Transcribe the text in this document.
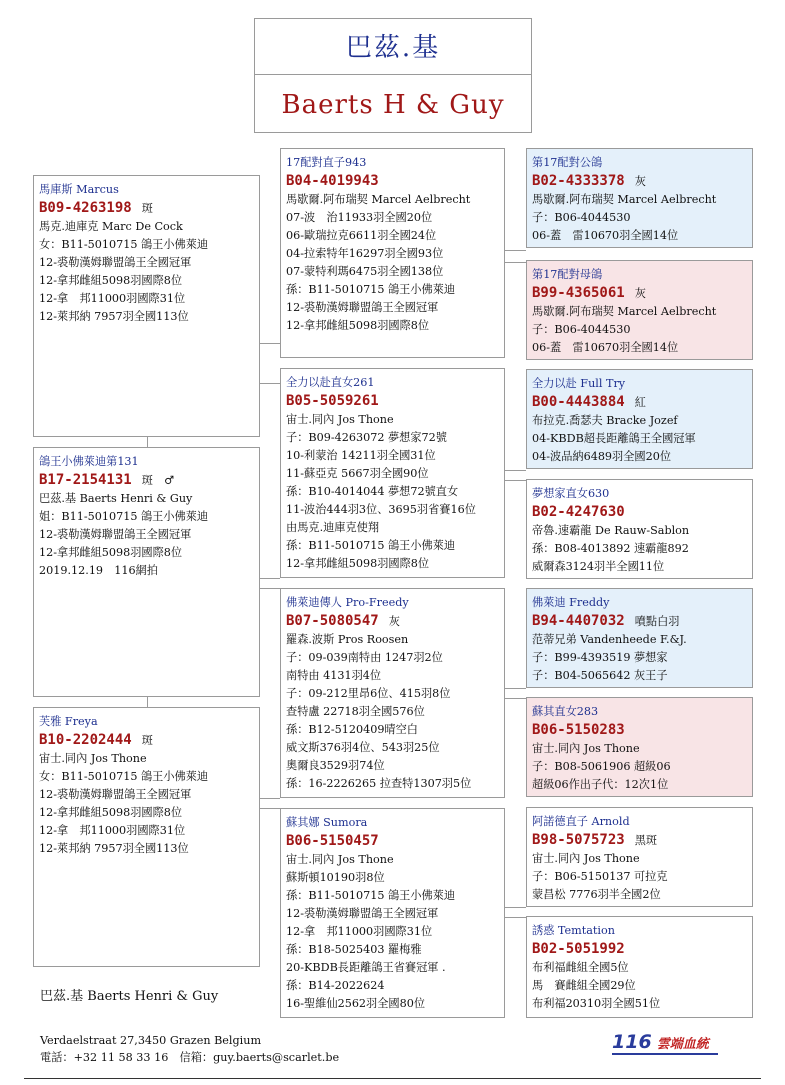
巴茲.基
Baerts H & Guy
馬庫斯 Marcus
B09-4263198 斑
馬克.迪庫克 Marc De Cock
女：B11-5010715 鴿王小佛萊迪
12-裘勒漢姆聯盟鴿王全國冠軍
12-拿邦雌組5098羽國際8位
12-拿　邦11000羽國際31位
12-萊邦納 7957羽全國113位
鴿王小佛萊迪第131
B17-2154131 斑　♂
巴茲.基 Baerts Henri & Guy
姐：B11-5010715 鴿王小佛萊迪
12-裘勒漢姆聯盟鴿王全國冠軍
12-拿邦雌組5098羽國際8位
2019.12.19　116網拍
芙雅 Freya
B10-2202444 斑
宙士.同內 Jos Thone
女：B11-5010715 鴿王小佛萊迪
12-裘勒漢姆聯盟鴿王全國冠軍
12-拿邦雌組5098羽國際8位
12-拿　邦11000羽國際31位
12-萊邦納 7957羽全國113位
17配對直子943
B04-4019943
馬歇爾.阿布瑞契 Marcel Aelbrecht
07-波　治11933羽全國20位
06-歐瑞拉克6611羽全國24位
04-拉索特年16297羽全國93位
07-蒙特利瑪6475羽全國138位
孫：B11-5010715 鴿王小佛萊迪
12-裘勒漢姆聯盟鴿王全國冠軍
12-拿邦雌組5098羽國際8位
全力以赴直女261
B05-5059261
宙士.同內 Jos Thone
子：B09-4263072 夢想家72號
10-利蒙治 14211羽全國31位
11-蘇亞克 5667羽全國90位
孫：B10-4014044 夢想72號直女
11-波治444羽3位、3695羽省賽16位
由馬克.迪庫克使翔
孫：B11-5010715 鴿王小佛萊迪
12-拿邦雌組5098羽國際8位
佛萊迪傳人 Pro-Freedy
B07-5080547 灰
羅森.波斯 Pros Roosen
子：09-039南特由 1247羽2位
南特由 4131羽4位
子：09-212里昂6位、415羽8位
查特盧 22718羽全國576位
孫：B12-5120409晴空白
威文斯376羽4位、543羽25位
奧爾良3529羽74位
孫：16-2226265 拉查特1307羽5位
蘇其娜 Sumora
B06-5150457
宙士.同內 Jos Thone
蘇斯頓10190羽8位
孫：B11-5010715 鴿王小佛萊迪
12-裘勒漢姆聯盟鴿王全國冠軍
12-拿　邦11000羽國際31位
孫：B18-5025403 羅梅雅
20-KBDB長距離鴿王省賽冠軍 .
孫：B14-2022624
16-聖維仙2562羽全國80位
第17配對公鴿
B02-4333378 灰
馬歇爾.阿布瑞契 Marcel Aelbrecht
子：B06-4044530
06-蓋　雷10670羽全國14位
第17配對母鴿
B99-4365061 灰
馬歇爾.阿布瑞契 Marcel Aelbrecht
子：B06-4044530
06-蓋　雷10670羽全國14位
全力以赴 Full Try
B00-4443884 紅
布拉克.喬瑟夫 Bracke Jozef
04-KBDB超長距離鴿王全國冠軍
04-波品納6489羽全國20位
夢想家直女630
B02-4247630
帝魯.速霸龍 De Rauw-Sablon
孫：B08-4013892 速霸龍892
威爾森3124羽半全國11位
佛萊迪 Freddy
B94-4407032 噴點白羽
范蒂兄弟 Vandenheede F.&J.
子：B99-4393519 夢想家
子：B04-5065642 灰王子
蘇其直女283
B06-5150283
宙士.同內 Jos Thone
子：B08-5061906 超級06
超級06作出子代：12次1位
阿諾德直子 Arnold
B98-5075723 黑斑
宙士.同內 Jos Thone
子：B06-5150137 可拉克
蒙昌松 7776羽半全國2位
誘惑 Temtation
B02-5051992
布利福雌組全國5位
馬　賽雌組全國29位
布利福20310羽全國51位
巴茲.基 Baerts Henri & Guy
Verdaelstraat 27,3450 Grazen Belgium
電話：+32 11 58 33 16　信箱：guy.baerts@scarlet.be
116 雲端血統
